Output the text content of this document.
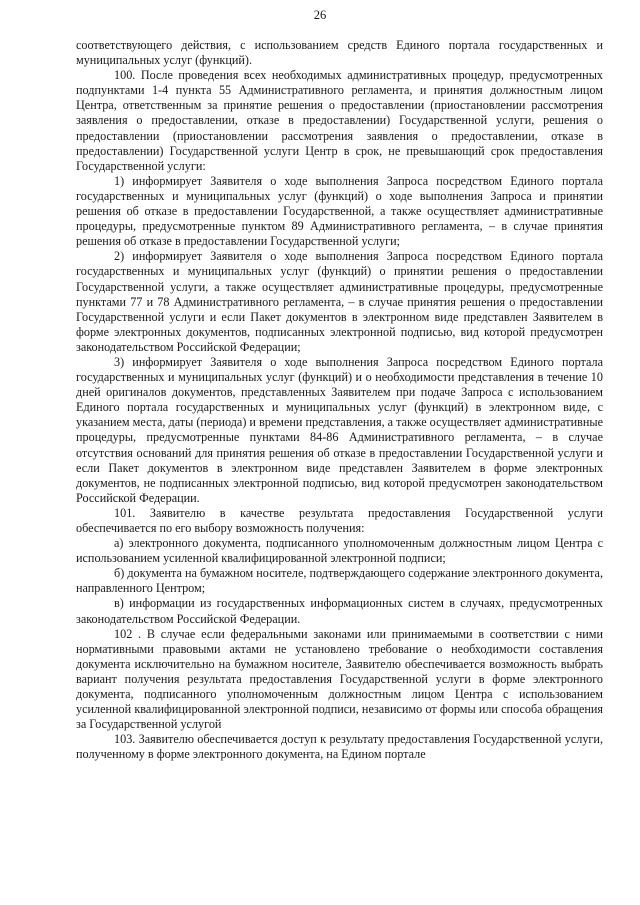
26

соответствующего действия, с использованием средств Единого портала государственных и муниципальных услуг (функций).

100. После проведения всех необходимых административных процедур, предусмотренных подпунктами 1-4 пункта 55 Административного регламента, и принятия должностным лицом Центра, ответственным за принятие решения о предоставлении (приостановлении рассмотрения заявления о предоставлении, отказе в предоставлении) Государственной услуги, решения о предоставлении (приостановлении рассмотрения заявления о предоставлении, отказе в предоставлении) Государственной услуги Центр в срок, не превышающий срок предоставления Государственной услуги:

1) информирует Заявителя о ходе выполнения Запроса посредством Единого портала государственных и муниципальных услуг (функций) о ходе выполнения Запроса и принятии решения об отказе в предоставлении Государственной, а также осуществляет административные процедуры, предусмотренные пунктом 89 Административного регламента, – в случае принятия решения об отказе в предоставлении Государственной услуги;

2) информирует Заявителя о ходе выполнения Запроса посредством Единого портала государственных и муниципальных услуг (функций) о принятии решения о предоставлении Государственной услуги, а также осуществляет административные процедуры, предусмотренные пунктами 77 и 78 Административного регламента, – в случае принятия решения о предоставлении Государственной услуги и если Пакет документов в электронном виде представлен Заявителем в форме электронных документов, подписанных электронной подписью, вид которой предусмотрен законодательством Российской Федерации;

3) информирует Заявителя о ходе выполнения Запроса посредством Единого портала государственных и муниципальных услуг (функций) и о необходимости представления в течение 10 дней оригиналов документов, представленных Заявителем при подаче Запроса с использованием Единого портала государственных и муниципальных услуг (функций) в электронном виде, с указанием места, даты (периода) и времени представления, а также осуществляет административные процедуры, предусмотренные пунктами 84-86 Административного регламента, – в случае отсутствия оснований для принятия решения об отказе в предоставлении Государственной услуги и если Пакет документов в электронном виде представлен Заявителем в форме электронных документов, не подписанных электронной подписью, вид которой предусмотрен законодательством Российской Федерации.

101. Заявителю в качестве результата предоставления Государственной услуги обеспечивается по его выбору возможность получения:

а) электронного документа, подписанного уполномоченным должностным лицом Центра с использованием усиленной квалифицированной электронной подписи;

б) документа на бумажном носителе, подтверждающего содержание электронного документа, направленного Центром;

в) информации из государственных информационных систем в случаях, предусмотренных законодательством Российской Федерации.

102 . В случае если федеральными законами или принимаемыми в соответствии с ними нормативными правовыми актами не установлено требование о необходимости составления документа исключительно на бумажном носителе, Заявителю обеспечивается возможность выбрать вариант получения результата предоставления Государственной услуги в форме электронного документа, подписанного уполномоченным должностным лицом Центра с использованием усиленной квалифицированной электронной подписи, независимо от формы или способа обращения за Государственной услугой

103. Заявителю обеспечивается доступ к результату предоставления Государственной услуги, полученному в форме электронного документа, на Едином портале
